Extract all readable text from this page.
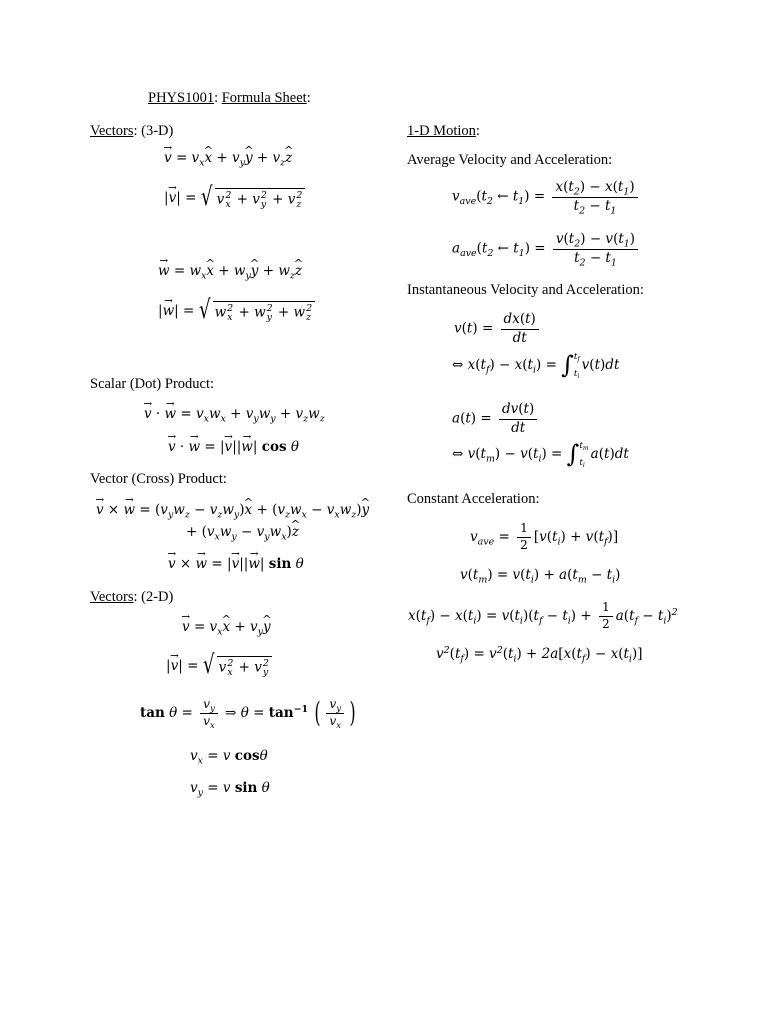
PHYS1001: Formula Sheet:
Vectors: (3-D)
v → = $v_xx$ ^ + $v_yy$ ^ + $v_zz$ ^
|v →| = √ v 2
x + v 2
y + v 2
z
w → = $w_xx$ ^ + $w_yy$ ^ + $w_zz$ ^
|w →| = √ w 2
x + w 2
y + w 2
z
Scalar (Dot) Product:
v → · w → = $v_xw_x + v_yw_y + v_zw_z$
v → · w → = |v →||w →| cos θ
Vector (Cross) Product:
v → × w → = $(v_yw_z - v_zw_y)x$ ^ + $(v_zw_x - v_xw_z)y$ ^
+ $(v_xw_y - v_yw_x)z$ ^
v → × w → = |v →||w →| sin θ
Vectors: (2-D)
v → = $v_xx$ ^ + $v_yy$ ^
|v →| = √ v 2
x + v 2
y
$\tan \theta = \frac{v_y}{v_x}$ ⇒ $\theta = \tan^{-1}$ ( $\frac{v_y}{v_x}$ )
$v_x = v$ cosθ
$v_y = v$ sin θ
1-D Motion:
Average Velocity and Acceleration:
$v_{ave}(t_2$ ← $t_1) = \frac{x(t_2) - x(t_1)}{t_2 - t_1}$
$a_{ave}(t_2$ ← $t_1) = \frac{v(t_2) - v(t_1)}{t_2 - t_1}$
Instantaneous Velocity and Acceleration:
$v(t) = \frac{dx(t)}{dt}$
⇔ $x(t_f) - x(t_i)$ = ∫ $t_f$
$t_i$
v(t)dt
$a(t) = \frac{dv(t)}{dt}$
⇔ $v(t_m) - v(t_i)$ = ∫ $t_m$
$t_i$
a(t)dt
Constant Acceleration:
$v_{ave} = \frac{1}{2} [v(t_i) + v(t_f)]$
$v(t_m) = v(t_i) + a(t_m - t_i)$
$x(t_f) - x(t_i) = v(t_i)(t_f - t_i) + \frac{1}{2} a(t_f - t_i)^2$
$v^2(t_f) = v^2(t_i) + 2a[x(t_f) - x(t_i)]$
